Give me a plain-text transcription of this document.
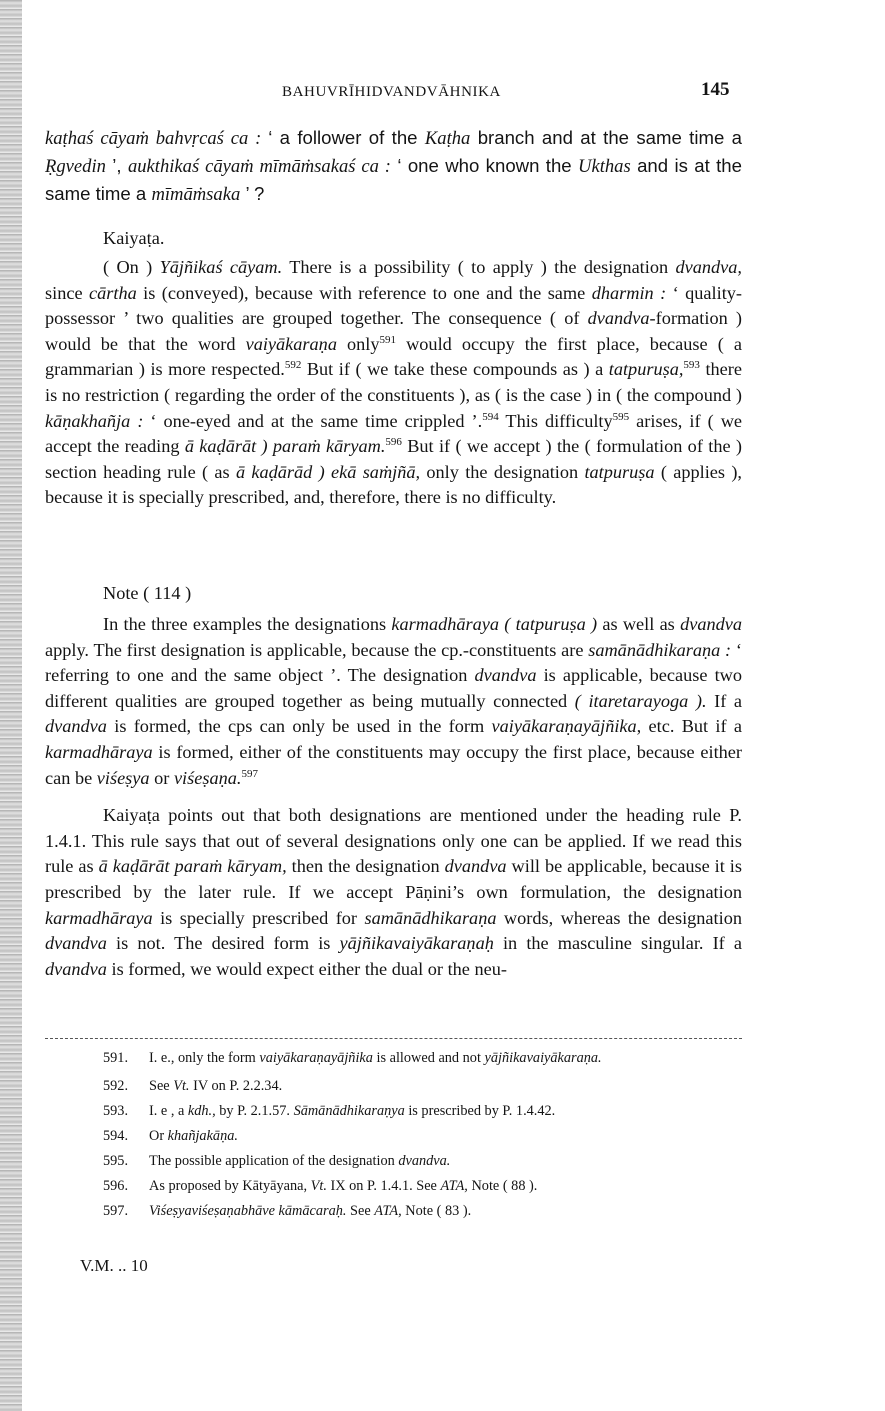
BAHUVRĪHIDVANDVĀHNIKA	145

kaṭhaś cāyaṁ bahvṛcaś ca : ‘ a follower of the Kaṭha branch and at the same time a Ṛgvedin ’, aukthikaś cāyaṁ mīmāṁsakaś ca : ‘ one who known the Ukthas and is at the same time a mīmāṁsaka ’ ?

Kaiyaṭa.

( On ) Yājñikaś cāyam. There is a possibility ( to apply ) the designation dvandva, since cārtha is (conveyed), because with reference to one and the same dharmin : ‘ quality-possessor ’ two qualities are grouped together. The consequence ( of dvandva-formation ) would be that the word vaiyākaraṇa only$^{591}$ would occupy the first place, because ( a grammarian ) is more respected.$^{592}$ But if ( we take these compounds as ) a tatpuruṣa,$^{593}$ there is no restriction ( regarding the order of the constituents ), as ( is the case ) in ( the compound ) kāṇakhañja : ‘ one-eyed and at the same time crippled ’.$^{594}$ This difficulty$^{595}$ arises, if ( we accept the reading ā kaḍārāt ) paraṁ kāryam.$^{596}$ But if ( we accept ) the ( formulation of the ) section heading rule ( as ā kaḍārād ) ekā saṁjñā, only the designation tatpuruṣa ( applies ), because it is specially prescribed, and, therefore, there is no difficulty.

Note ( 114 )

In the three examples the designations karmadhāraya ( tatpuruṣa ) as well as dvandva apply. The first designation is applicable, because the cp.-constituents are samānādhikaraṇa : ‘ referring to one and the same object ’. The designation dvandva is applicable, because two different qualities are grouped together as being mutually connected ( itaretarayoga ). If a dvandva is formed, the cps can only be used in the form vaiyākaraṇayājñika, etc. But if a karmadhāraya is formed, either of the constituents may occupy the first place, because either can be viśeṣya or viśeṣaṇa.$^{597}$

Kaiyaṭa points out that both designations are mentioned under the heading rule P. 1.4.1. This rule says that out of several designations only one can be applied. If we read this rule as ā kaḍārāt paraṁ kāryam, then the designation dvandva will be applicable, because it is prescribed by the later rule. If we accept Pāṇini’s own formulation, the designation karmadhāraya is specially prescribed for samānādhikaraṇa words, whereas the designation dvandva is not. The desired form is yājñikavaiyākaraṇaḥ in the masculine singular. If a dvandva is formed, we would expect either the dual or the neu-

591. I. e., only the form vaiyākaraṇayājñika is allowed and not yājñikavaiyākaraṇa.

592. See Vt. IV on P. 2.2.34.

593. I. e , a kdh., by P. 2.1.57. Sāmānādhikaraṇya is prescribed by P. 1.4.42.

594. Or khañjakāṇa.

595. The possible application of the designation dvandva.

596. As proposed by Kātyāyana, Vt. IX on P. 1.4.1. See ATA, Note ( 88 ).

597. Viśeṣyaviśeṣaṇabhāve kāmācaraḥ. See ATA, Note ( 83 ).

V.M. .. 10
